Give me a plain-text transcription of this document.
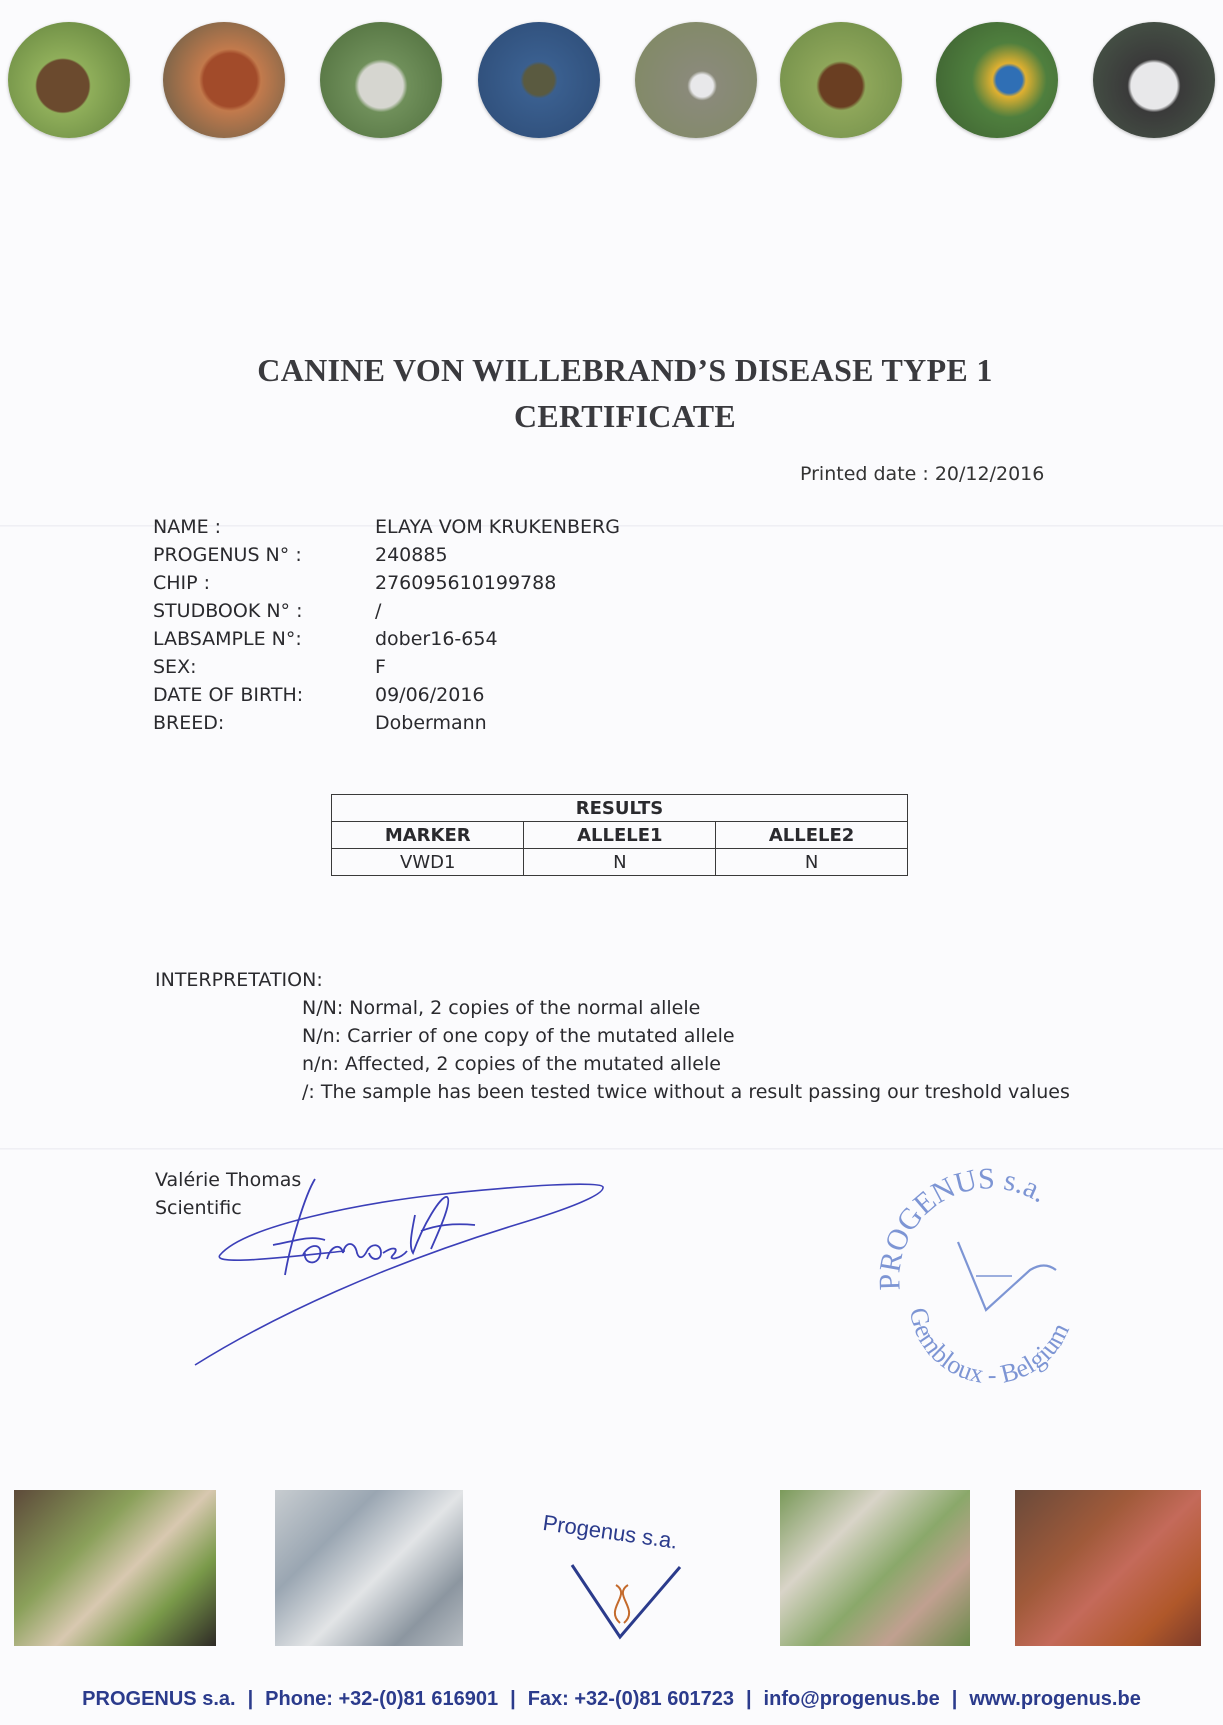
CANINE VON WILLEBRAND’S DISEASE TYPE 1
CERTIFICATE
Printed date : 20/12/2016
NAME :	ELAYA VOM KRUKENBERG
PROGENUS N° :	240885
CHIP :	276095610199788
STUDBOOK N° :	/
LABSAMPLE N°:	dober16-654
SEX:	F
DATE OF BIRTH:	09/06/2016
BREED:	Dobermann
RESULTS		
MARKER	ALLELE1	ALLELE2
VWD1	N	N
INTERPRETATION:
N/N: Normal, 2 copies of the normal allele
N/n: Carrier of one copy of the mutated allele
n/n: Affected, 2 copies of the mutated allele
/: The sample has been tested twice without a result passing our treshold values
Valérie Thomas
Scientific
PROGENUS s.a.
Gembloux - Belgium
Progenus s.a.
PROGENUS s.a. | Phone: +32-(0)81 616901 | Fax: +32-(0)81 601723 | info@progenus.be | www.progenus.be
